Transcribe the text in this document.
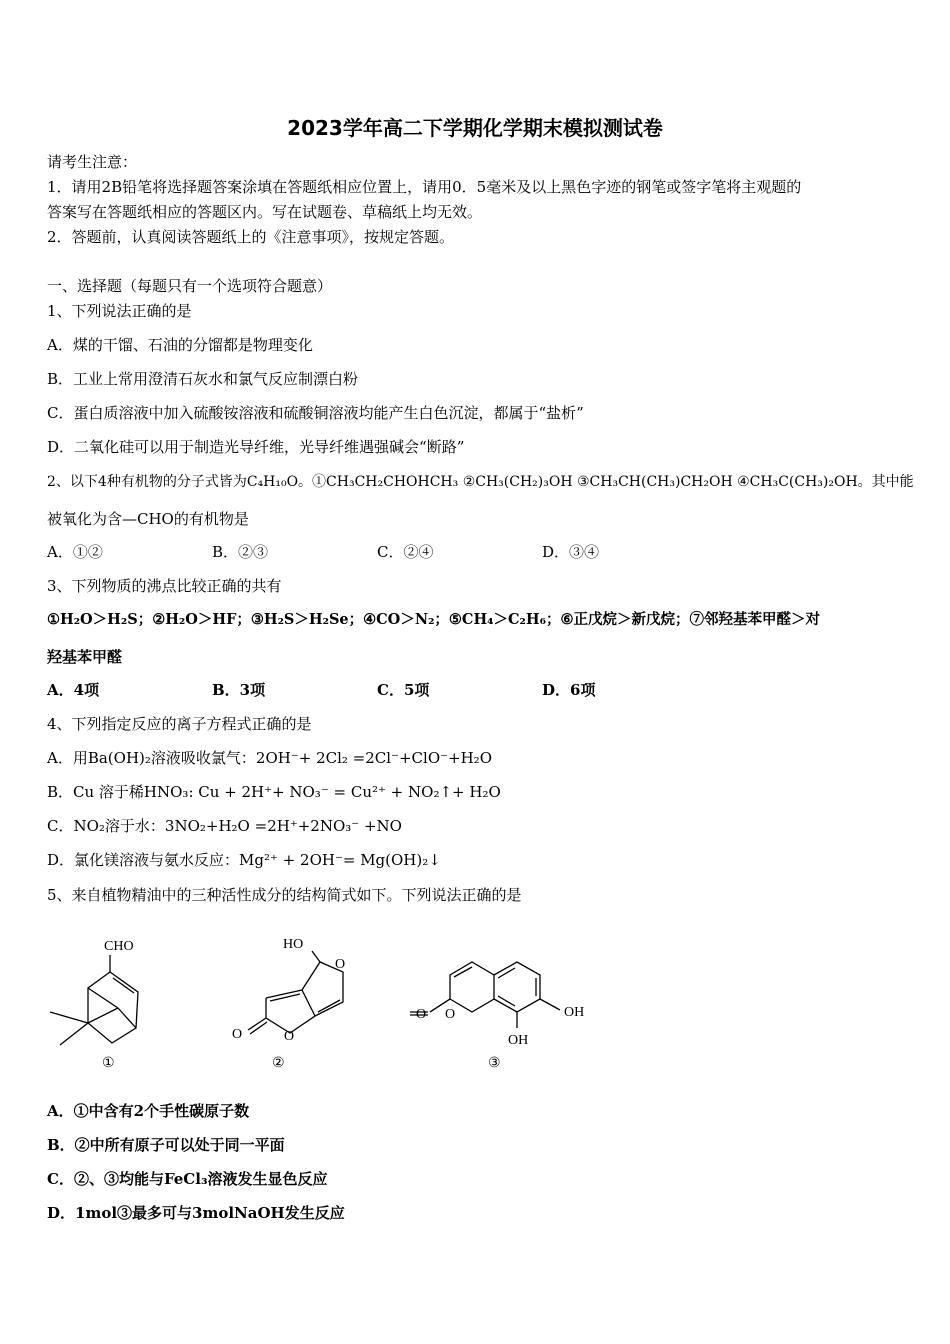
2023学年高二下学期化学期末模拟测试卷
请考生注意：
1．请用2B铅笔将选择题答案涂填在答题纸相应位置上，请用0．5毫米及以上黑色字迹的钢笔或签字笔将主观题的
答案写在答题纸相应的答题区内。写在试题卷、草稿纸上均无效。
2．答题前，认真阅读答题纸上的《注意事项》，按规定答题。
一、选择题（每题只有一个选项符合题意）
1、下列说法正确的是
A．煤的干馏、石油的分馏都是物理变化
B．工业上常用澄清石灰水和氯气反应制漂白粉
C．蛋白质溶液中加入硫酸铵溶液和硫酸铜溶液均能产生白色沉淀，都属于“盐析”
D．二氧化硅可以用于制造光导纤维，光导纤维遇强碱会“断路”
2、以下4种有机物的分子式皆为C₄H₁₀O。①CH₃CH₂CHOHCH₃ ②CH₃(CH₂)₃OH ③CH₃CH(CH₃)CH₂OH ④CH₃C(CH₃)₂OH。其中能
被氧化为含—CHO的有机物是
A．①②	B．②③	C．②④	D．③④
3、下列物质的沸点比较正确的共有
①H₂O＞H₂S；②H₂O＞HF；③H₂S＞H₂Se；④CO＞N₂；⑤CH₄＞C₂H₆；⑥正戊烷＞新戊烷；⑦邻羟基苯甲醛＞对
羟基苯甲醛
A．4项	B．3项	C．5项	D．6项
4、下列指定反应的离子方程式正确的是
A．用Ba(OH)₂溶液吸收氯气：2OH⁻+ 2Cl₂ =2Cl⁻+ClO⁻+H₂O
B．Cu 溶于稀HNO₃: Cu + 2H⁺+ NO₃⁻ = Cu²⁺ + NO₂↑+ H₂O
C．NO₂溶于水：3NO₂+H₂O =2H⁺+2NO₃⁻ +NO
D．氯化镁溶液与氨水反应：Mg²⁺ + 2OH⁻= Mg(OH)₂↓
5、来自植物精油中的三种活性成分的结构简式如下。下列说法正确的是
CHO
①
HO
O
O
O
②
O
O	OH
OH
③
A．①中含有2个手性碳原子数
B．②中所有原子可以处于同一平面
C．②、③均能与FeCl₃溶液发生显色反应
D．1mol③最多可与3molNaOH发生反应
